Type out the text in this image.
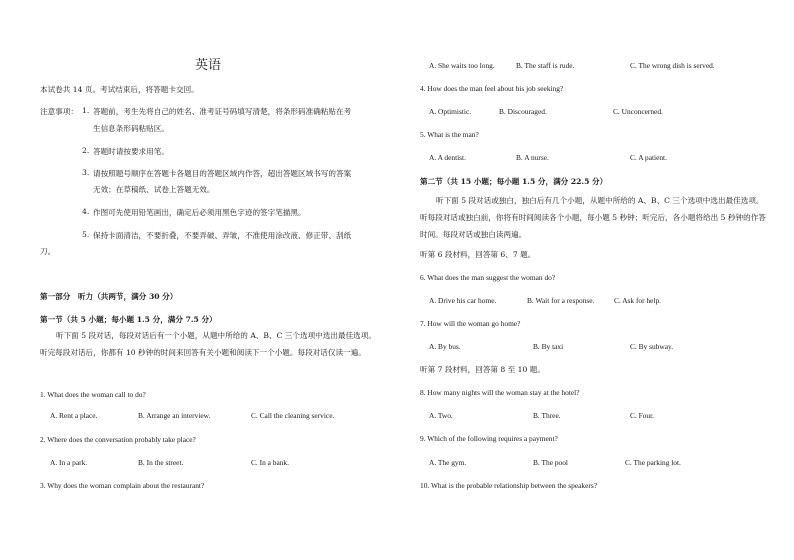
英语
本试卷共 14 页。考试结束后，将答题卡交回。
注意事项： 1. 答题前，考生先将自己的姓名、准考证号码填写清楚，将条形码准确粘贴在考
生信息条形码粘贴区。
2. 答题时请按要求用笔。
3. 请按照题号顺序在答题卡各题目的答题区域内作答，超出答题区域书写的答案
无效；在草稿纸、试卷上答题无效。
4. 作图可先使用铅笔画出，确定后必须用黑色字迹的签字笔描黑。
5. 保持卡面清洁，不要折叠，不要弄破、弄皱，不准使用涂改液、修正带、刮纸
刀。
第一部分　听力（共两节，满分 30 分）
第一节（共 5 小题；每小题 1.5 分，满分 7.5 分）
听下面 5 段对话，每段对话后有一个小题，从题中所给的 A、B、C 三个选项中选出最佳选项。听完每段对话后，你都有 10 秒钟的时间来回答有关小题和阅读下一个小题。每段对话仅读一遍。
1. What does the woman call to do?
A. Rent a place.	B. Arrange an interview.	C. Call the cleaning service.
2. Where does the conversation probably take place?
A. In a park.	B. In the street.	C. In a bank.
3. Why does the woman complain about the restaurant?
A. She waits too long.	B. The staff is rude.	C. The wrong dish is served.
4. How does the man feel about his job seeking?
A. Optimistic.	B. Discouraged.	C. Unconcerned.
5. What is the man?
A. A dentist.	B. A nurse.	C. A patient.
第二节（共 15 小题；每小题 1.5 分，满分 22.5 分）
听下面 5 段对话或独白，独白后有几个小题，从题中所给的 A、B、C 三个选项中选出最佳选项。听每段对话或独白前，你将有时间阅读各个小题，每小题 5 秒钟；听完后，各小题将给出 5 秒钟的作答时间。每段对话或独白读两遍。
听第 6 段材料，回答第 6、7 题。
6. What does the man suggest the woman do?
A. Drive his car home.	B. Wait for a response.	C. Ask for help.
7. How will the woman go home?
A. By bus.	B. By taxi	C. By subway.
听第 7 段材料，回答第 8 至 10 题。
8. How many nights will the woman stay at the hotel?
A. Two.	B. Three.	C. Four.
9. Which of the following requires a payment?
A. The gym.	B. The pool	C. The parking lot.
10. What is the probable relationship between the speakers?
